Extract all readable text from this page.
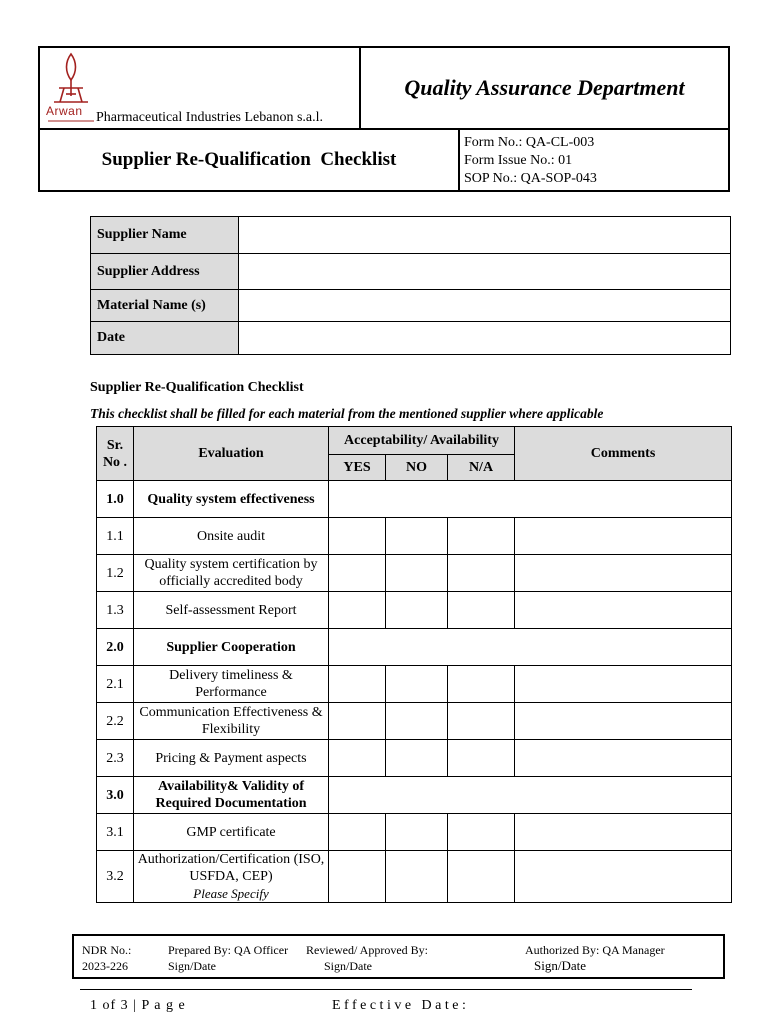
Arwan Pharmaceutical Industries Lebanon s.a.l.
Quality Assurance Department
Supplier Re-Qualification  Checklist
Form No.: QA-CL-003
Form Issue No.: 01
SOP No.: QA-SOP-043
Supplier Name	
Supplier Address	
Material Name (s)	
Date	
Supplier Re-Qualification Checklist
This checklist shall be filled for each material from the mentioned supplier where applicable
Sr. No .	Evaluation	Acceptability/ Availability			Comments
		YES	NO	N/A	
1.0	Quality system effectiveness				

1.1	Onsite audit				

1.2	Quality system certification by officially accredited body				

1.3	Self-assessment Report				

2.0	Supplier Cooperation				

2.1	Delivery timeliness & Performance				

2.2	Communication Effectiveness & Flexibility				

2.3	Pricing & Payment aspects				

3.0	Availability& Validity of Required Documentation				

3.1	GMP certificate				

3.2	Authorization/Certification (ISO, USFDA, CEP)
Please Specify				

NDR No.:
2023-226
Prepared By: QA Officer
Sign/Date
Reviewed/ Approved By:
Sign/Date
Authorized By: QA Manager
Sign/Date
1 of 3 | P a g e	Effective Date:
